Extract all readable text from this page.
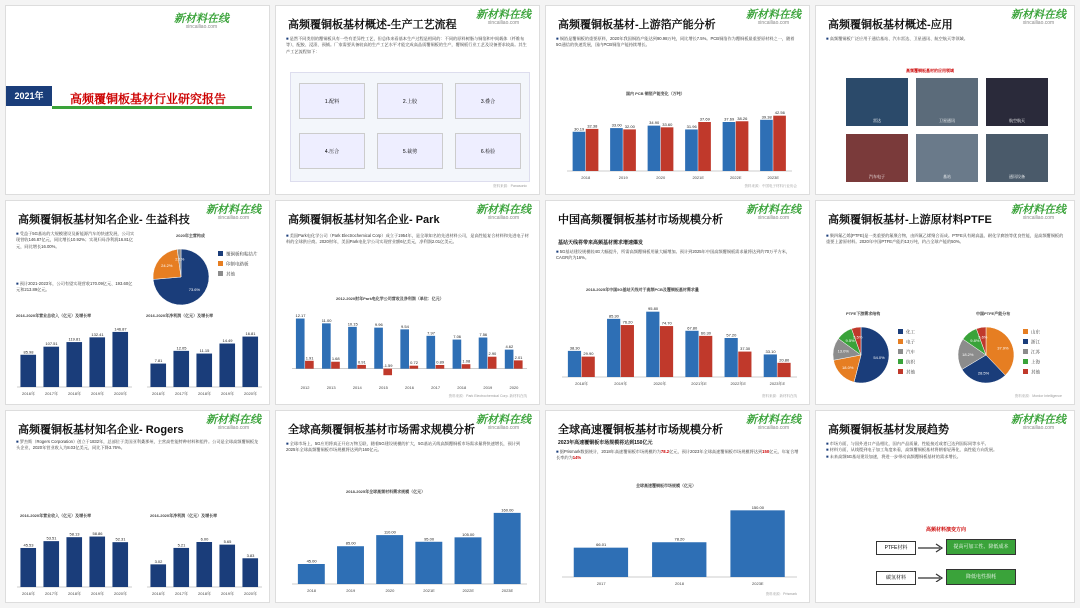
新材料在线
xincailiao.com
2021年	高频覆铜板基材行业研究报告
高频覆铜板基材概述-生产工艺流程
新材料在线
xincailiao.com
■ 是然不同类别的覆铜板具有一些有差异性工艺，但总体来看基本生产过程是相同的：不同的原料树脂与铜箔和中间载体（纤维布等），配胶、浸渍、预铺。厂家需要具备较高的生产工艺水平才能完成高品质覆铜板的生产，覆铜板行业工艺及设备要求较高。其生产工艺流程如下：
1.配料	2.上胶	3.叠合
4.压合	5.裁剪	6.检验
资料来源：Panasonic
高频覆铜板基材-上游箔产能分析
新材料在线
xincailiao.com
■ 铜箔是覆铜板的重要原料，2020年我国铜箔产能达到90.98万吨，同比增长7.5%。PCB铜箔作为覆铜板最重要原材料之一，随着5G通信的快速发展，国内PCB铜箔产能持续增长。
国内 PCB 铜箔产能变化（万吨）
30.19
33.00	34.90
31.96
37.69	39.38
32.38	32.00	33.60
37.69	38.26
42.56
2018	2019	2020	2021E	2022E	2023E
资料来源：中国电子材料行业协会
高频覆铜板基材概述-应用
新材料在线
xincailiao.com
■ 高频覆铜板广泛应用于通信基站、汽车雷达、卫星通讯、航空航天等领域。
高频覆铜板基材的应用领域
雷达	卫星通讯	航空航天
汽车电子	基站	通讯设备
高频覆铜板基材知名企业- 生益科技
新材料在线
xincailiao.com
■ 受益于5G基站的大规模建设及新能源汽车的快速发展，公司实现营收146.87亿元，同比增长10.92%；实现归母净利润16.81亿元，同比增长16.00%。
■ 预计2021-2023年，公司有望实现营收170.09亿元、193.60亿元和213.89亿元。
2020年主营构成
73.6%
覆铜板和粘结片
24.2%	印制电路板
2.1%
其他
2016-2020年营业总收入（亿元）及增长率
85.98
107.51
119.81
132.41
146.87
2016年	2017年	2018年	2019年	2020年
2016-2020年净利润（亿元）及增长率
7.81
12.05
11.15
14.49
16.81
2016年	2017年	2018年	2019年	2020年
高频覆铜板基材知名企业- Park
新材料在线
xincailiao.com
■ 美国Park电化学公司（Park Electrochemical Corp）成立于1954年，是全球知名的先进材料公司，是高性能复合材料和先进电子材料的全球供应商。2020财年，美国Park电化学公司实现营业额6亿美元，净利润2.01亿美元。
2012-2020财年Park电化学公司营收及净利润（单位：亿元）
12.17
11.00
10.15	9.96	9.54
7.97
7.06	7.56
4.62
1.91	1.68
0.91
-1.59
0.72	0.89	1.08
2.90
2.01
2012	2013	2014	2015	2016	2017	2018	2019	2020
资料来源：Park Electrochemical Corp. 新材料在线
中国高频覆铜板基材市场规模分析
新材料在线
xincailiao.com
基站天线将带来高频基材需求增速爆发
■ 5G基站建设规模较4G大幅提升，所需高频覆铜板用量大幅增加。预计到2025年中国高频覆铜板需求量将达到约70万平方米，CAGR约为16%。
2018-2025年中国5G基站天线对于高频PCB及覆铜板基材需求量
38.30
85.30
95.80
67.80
57.20
33.10
29.90
76.20	74.70
60.30
37.30
20.80
2018年	2019年	2020年	2021年E	2022年E	2023年E
资料来源：新材料在线
高频覆铜板基材-上游原材料PTFE
新材料在线
xincailiao.com
■ 聚四氟乙烯(PTFE)是一类重要的氟聚合物，由四氟乙烯聚合而成。PTFE具有耐高温、耐化学腐蚀等优良性能，是高频覆铜板的重要上游原材料。2020年中国PTFE产能约13万吨，约占全球产能的50%。
PTFE下游需求结构	中国PTFE产能分布
54.0%
化工
18.0%
电子
13.0%	汽车
9.5%
纺织
5.5%
其他
37.9%
山东
28.5%
浙江
18.2%	江苏
9.8%
上海
5.6%
其他
资料来源：Mordor Intelligence
高频覆铜板基材知名企业- Rogers
新材料在线
xincailiao.com
■ 罗杰斯（Rogers Corporation）创立于1832年，总部位于美国亚利桑那州，主营高性能特种材料和组件。公司是全球高频覆铜板龙头企业，2020年营业收入为8.03亿美元，同比下降3.76%。
2016-2020年营业收入（亿元）及增长率
45.53
53.51
58.13	58.86
52.31
2016年	2017年	2018年	2019年	2020年
2016-2020年净利润（亿元）及增长率
3.02
5.21
6.00
5.65
3.83
2016年	2017年	2018年	2019年	2020年
全球高频覆铜板基材市场需求规模分析
新材料在线
xincailiao.com
■ 全球市场上，5G应用将真正开启万物互联，随着5G建设规模的扩大，5G基站天线高频覆铜板市场需求量将快速增长，预计到2025年全球高频覆铜板市场规模将达到约160亿元。
2018-2025年全球高频材料需求规模（亿元）
45.00
85.00
110.00
95.00
105.00
160.00
2018	2019	2020	2021E	2022E	2023E
全球高速覆铜板基材市场规模分析
新材料在线
xincailiao.com
2023年高速覆铜板市场规模将达到150亿元
■ 据Prismark数据统计，2018年高速覆铜板市场规模约为78.2亿元，预计2023年全球高速覆铜板市场规模将达到150亿元，年复合增长率约为14%
全球高速覆铜板市场规模（亿元）
66.01
78.20
150.00
2017	2018	2023E
资料来源：Prismark
高频覆铜板基材发展趋势
新材料在线
xincailiao.com
■ 市场方面，与国外进口产品相比，国内产品质量、性能接近或者已达到国际同等水平。
■ 材料方面，从线缆到电子加工角度来看，高频覆铜板基材将朝着轻薄化、高性能方向发展。
■ 未来高频5G基站建设加速，将进一步带动高频覆铜板基材的需求增长。
高频材料演变方向
PTFE材料	提高可加工性、降低成本
碳氢材料	降低电性损耗
